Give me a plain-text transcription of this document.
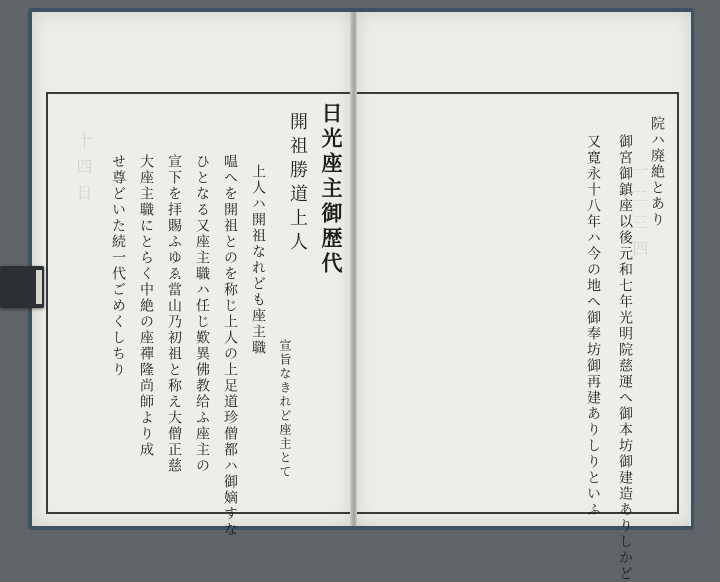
十四日	日光座主御歴代
開祖勝道上人
上人ハ開祖なれども座主職
嗢へを開祖とのを称じ上人の上足道珍僧都ハ御嫡すな
ひとなる又座主職ハ任じ歎異佛教给ふ座主の
宣下を拝賜ふゆゑ當山乃初祖と称え大僧正慈
大座主職にとらく中絶の座禪隆尚師より成
せ尊どいた続一代ごめくしちり
宣旨なきれど座主とて
一二三四 院ハ廃絶とあり
御宮御鎮座以後元和七年光明院慈運へ御本坊御建造ありしかど
又寛永十八年ハ今の地へ御奉坊御再建ありしりといふ
